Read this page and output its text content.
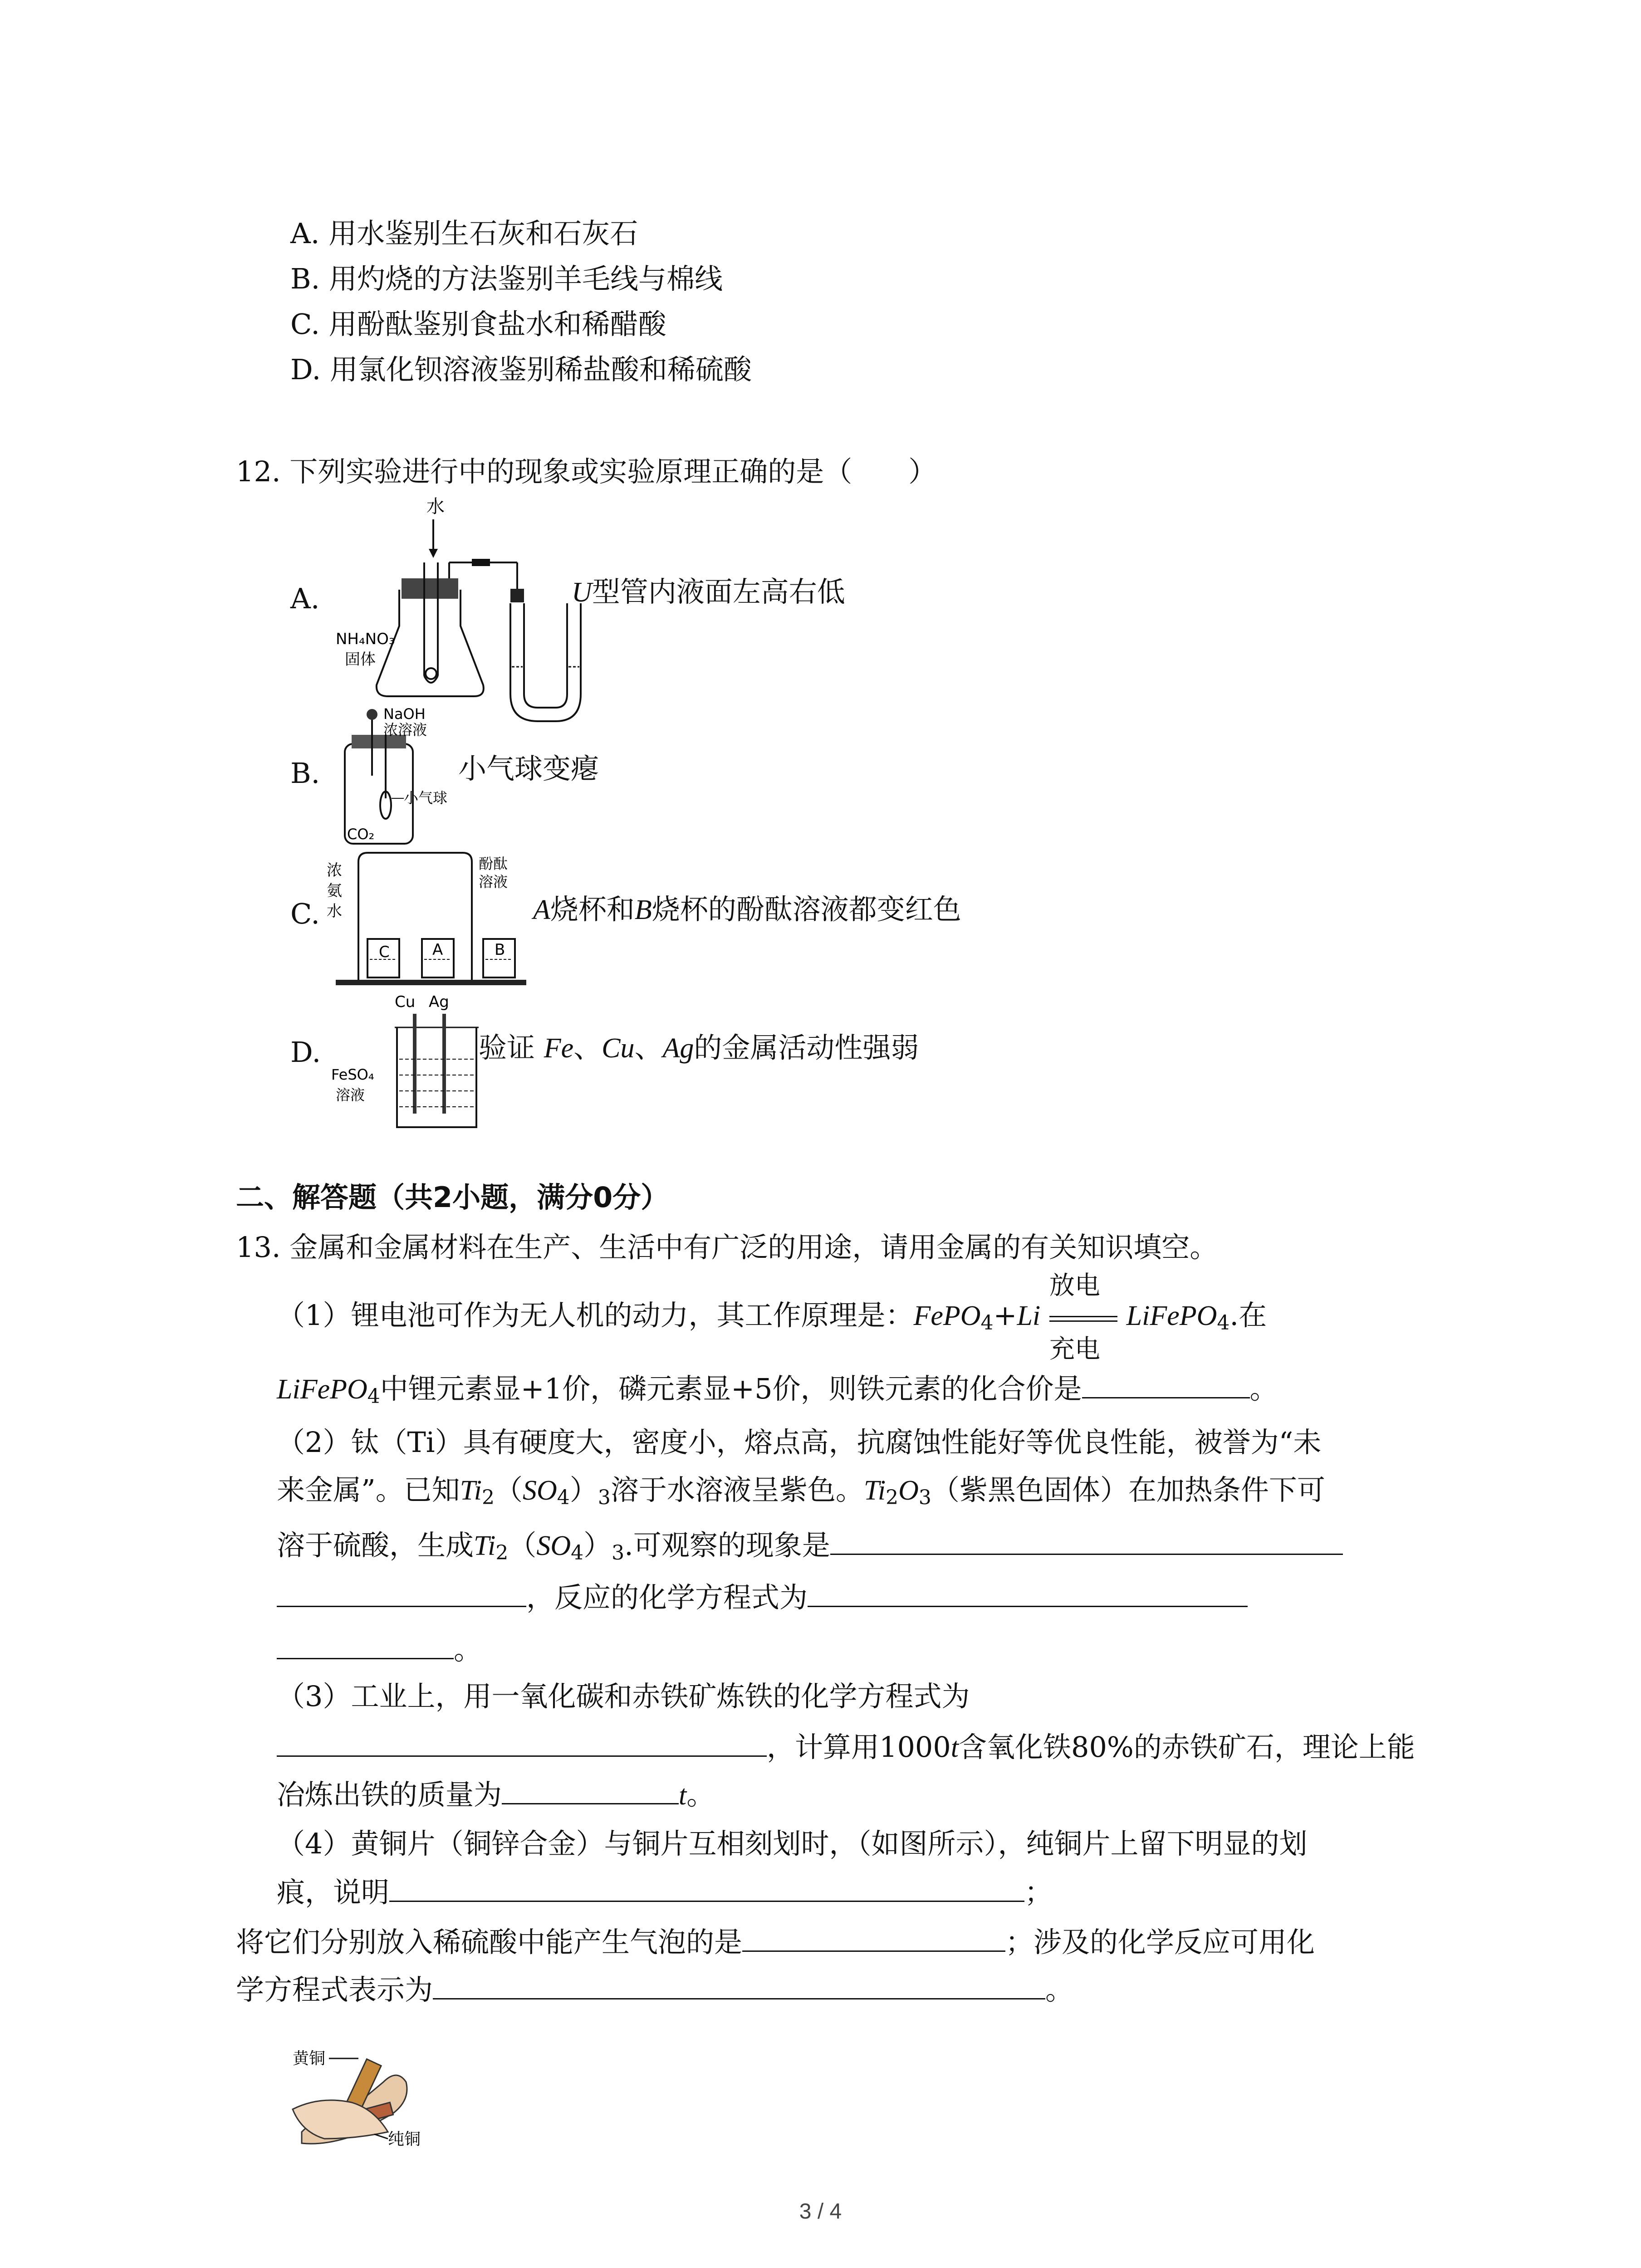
A. 用水鉴别生石灰和石灰石
B. 用灼烧的方法鉴别羊毛线与棉线
C. 用酚酞鉴别食盐水和稀醋酸
D. 用氯化钡溶液鉴别稀盐酸和稀硫酸
12. 下列实验进行中的现象或实验原理正确的是（　　）
A.
水
NH₄NO₃
固体
U型管内液面左高右低
B.
NaOH
浓溶液
小气球
CO₂
小气球变瘪
C.
浓
氨
水
酚酞
溶液
C	A	B
A烧杯和B烧杯的酚酞溶液都变红色
D.
Cu Ag
FeSO₄
溶液
验证 Fe、Cu、Ag的金属活动性强弱
二、解答题（共2小题，满分0分）
13. 金属和金属材料在生产、生活中有广泛的用途，请用金属的有关知识填空。
（1）锂电池可作为无人机的动力，其工作原理是：FePO$_4$+Li
放电
充电
LiFePO$_4$.在
LiFePO$_4$中锂元素显+1价，磷元素显+5价，则铁元素的化合价是	。
（2）钛（Ti）具有硬度大，密度小，熔点高，抗腐蚀性能好等优良性能，被誉为“未
来金属”。已知$Ti_2(SO_4)_3$溶于水溶液呈紫色。$Ti_2O_3$（紫黑色固体）在加热条件下可
溶于硫酸，生成$Ti_2(SO_4)_3$.可观察的现象是
，反应的化学方程式为
。
（3）工业上，用一氧化碳和赤铁矿炼铁的化学方程式为
，计算用1000t含氧化铁80%的赤铁矿石，理论上能
冶炼出铁的质量为	t。
（4）黄铜片（铜锌合金）与铜片互相刻划时，（如图所示），纯铜片上留下明显的划
痕，说明	；
将它们分别放入稀硫酸中能产生气泡的是	；涉及的化学反应可用化
学方程式表示为	。
黄铜
纯铜
3 / 4
